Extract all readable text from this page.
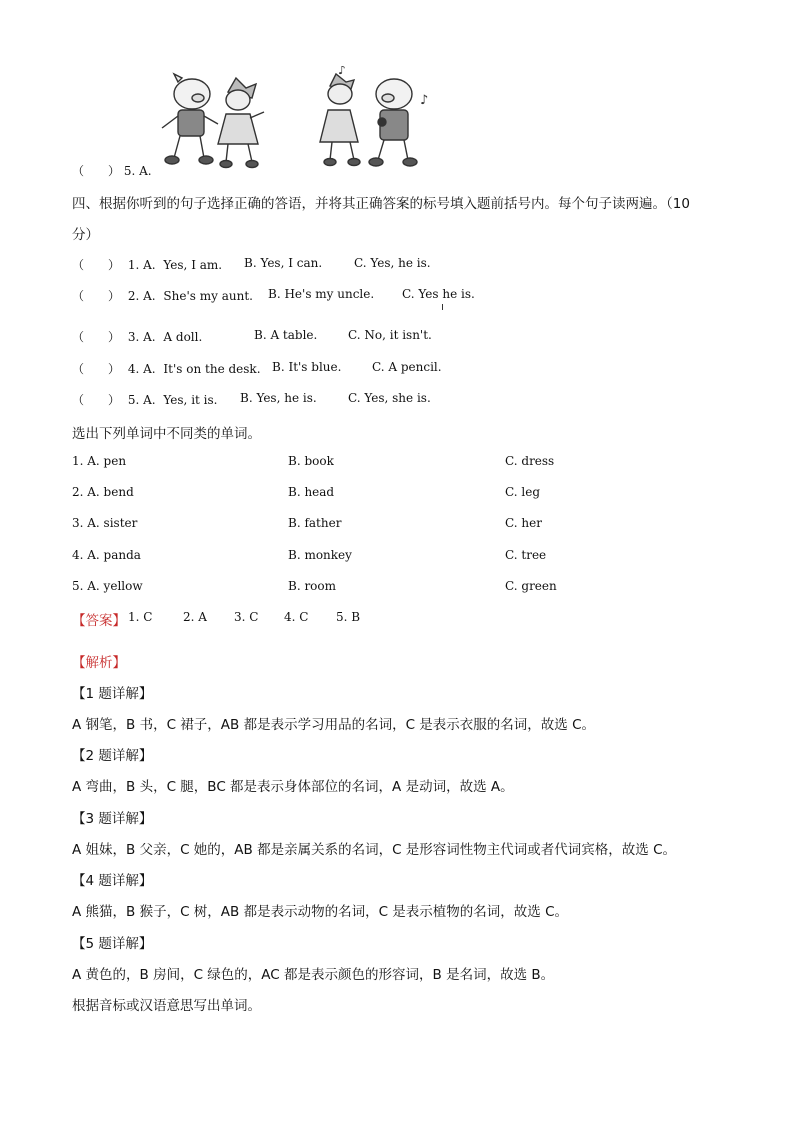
♪
♪
（　　） 5. A.
四、根据你听到的句子选择正确的答语，并将其正确答案的标号填入题前括号内。每个句子读两遍。（10
分）
（　　） 1. A. Yes, I am. B. Yes, I can.	C. Yes, he is.
（　　） 2. A. She's my aunt. B. He's my uncle. C. Yes he is.
（　　） 3. A. A doll.	B. A table.	C. No, it isn't.
（　　） 4. A. It's on the desk. B. It's blue.	C. A pencil.
（　　） 5. A. Yes, it is. B. Yes, he is.	C. Yes, she is.
选出下列单词中不同类的单词。
1. A. pen	B. book	C. dress
2. A. bend	B. head	C. leg
3. A. sister	B. father	C. her
4. A. panda	B. monkey	C. tree
5. A. yellow	B. room	C. green
【答案】 1. C	2. A 3. C 4. C 5. B
【解析】
【1 题详解】
A 钢笔，B 书，C 裙子，AB 都是表示学习用品的名词，C 是表示衣服的名词，故选 C。
【2 题详解】
A 弯曲，B 头，C 腿，BC 都是表示身体部位的名词，A 是动词，故选 A。
【3 题详解】
A 姐妹，B 父亲，C 她的，AB 都是亲属关系的名词，C 是形容词性物主代词或者代词宾格，故选 C。
【4 题详解】
A 熊猫，B 猴子，C 树，AB 都是表示动物的名词，C 是表示植物的名词，故选 C。
【5 题详解】
A 黄色的，B 房间，C 绿色的，AC 都是表示颜色的形容词，B 是名词，故选 B。
根据音标或汉语意思写出单词。
